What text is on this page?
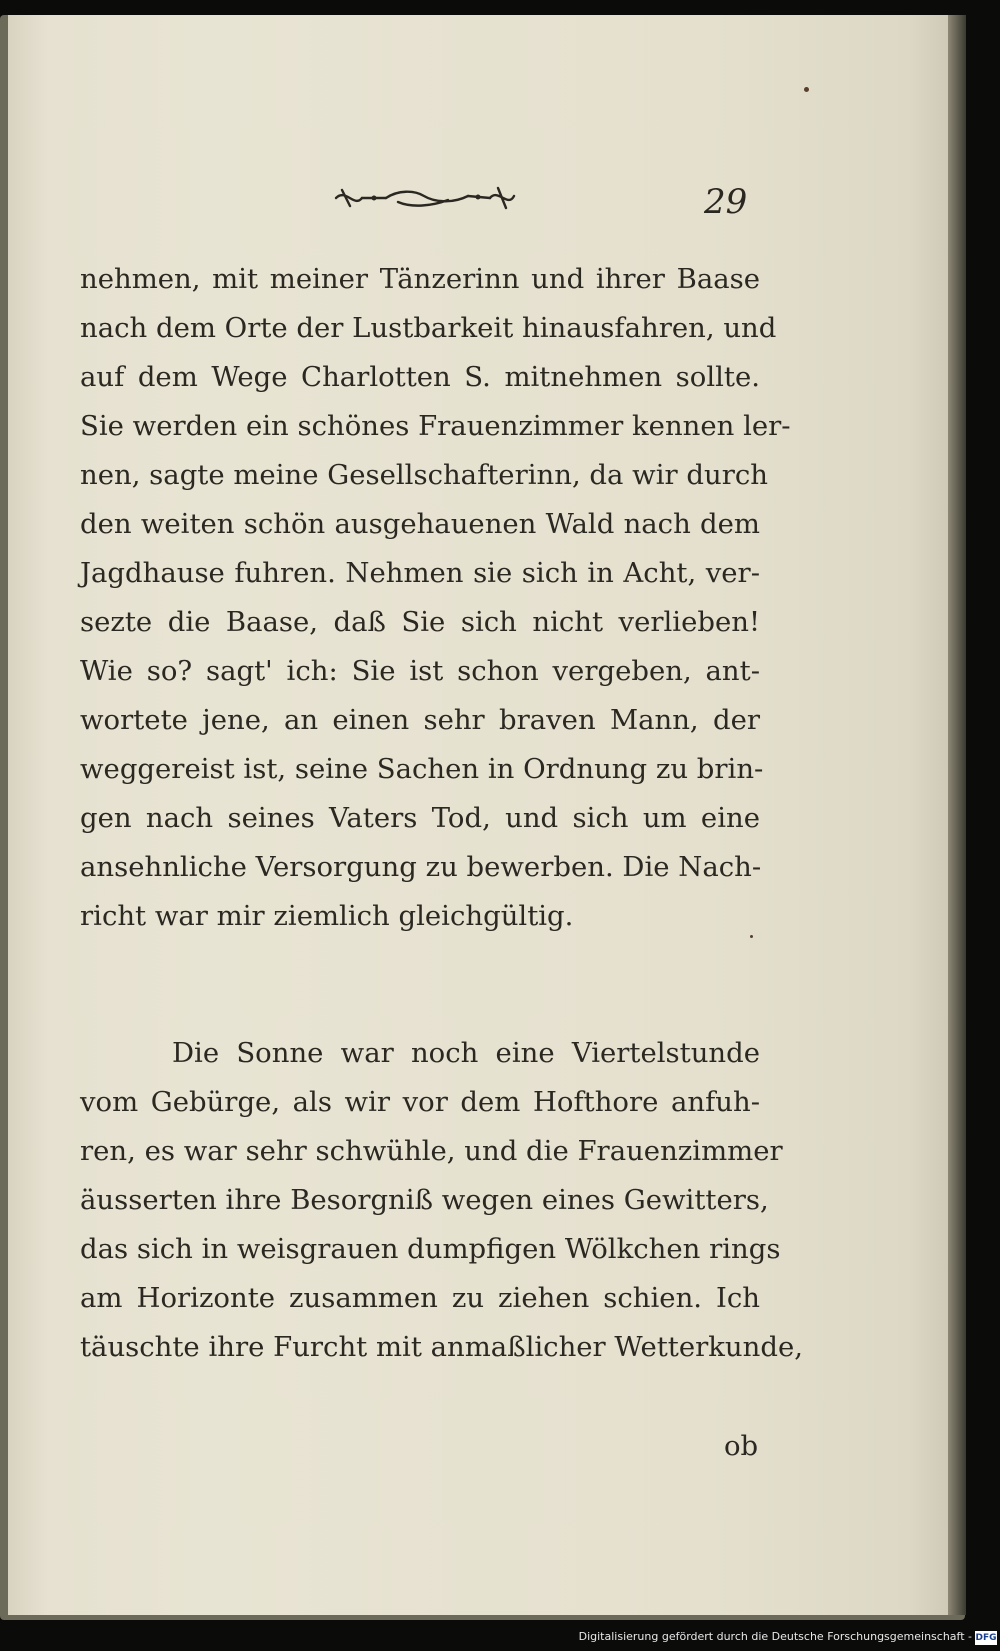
29
nehmen, mit meiner Tänzerinn und ihrer Baase
nach dem Orte der Lustbarkeit hinausfahren, und
auf dem Wege Charlotten S. mitnehmen sollte.
Sie werden ein schönes Frauenzimmer kennen ler-
nen, sagte meine Gesellschafterinn, da wir durch
den weiten schön ausgehauenen Wald nach dem
Jagdhause fuhren. Nehmen sie sich in Acht, ver-
sezte die Baase, daß Sie sich nicht verlieben!
Wie so? sagt' ich: Sie ist schon vergeben, ant-
wortete jene, an einen sehr braven Mann, der
weggereist ist, seine Sachen in Ordnung zu brin-
gen nach seines Vaters Tod, und sich um eine
ansehnliche Versorgung zu bewerben. Die Nach-
richt war mir ziemlich gleichgültig.
Die Sonne war noch eine Viertelstunde
vom Gebürge, als wir vor dem Hofthore anfuh-
ren, es war sehr schwühle, und die Frauenzimmer
äusserten ihre Besorgniß wegen eines Gewitters,
das sich in weisgrauen dumpfigen Wölkchen rings
am Horizonte zusammen zu ziehen schien. Ich
täuschte ihre Furcht mit anmaßlicher Wetterkunde,
ob
Digitalisierung gefördert durch die Deutsche Forschungsgemeinschaft - DFG
